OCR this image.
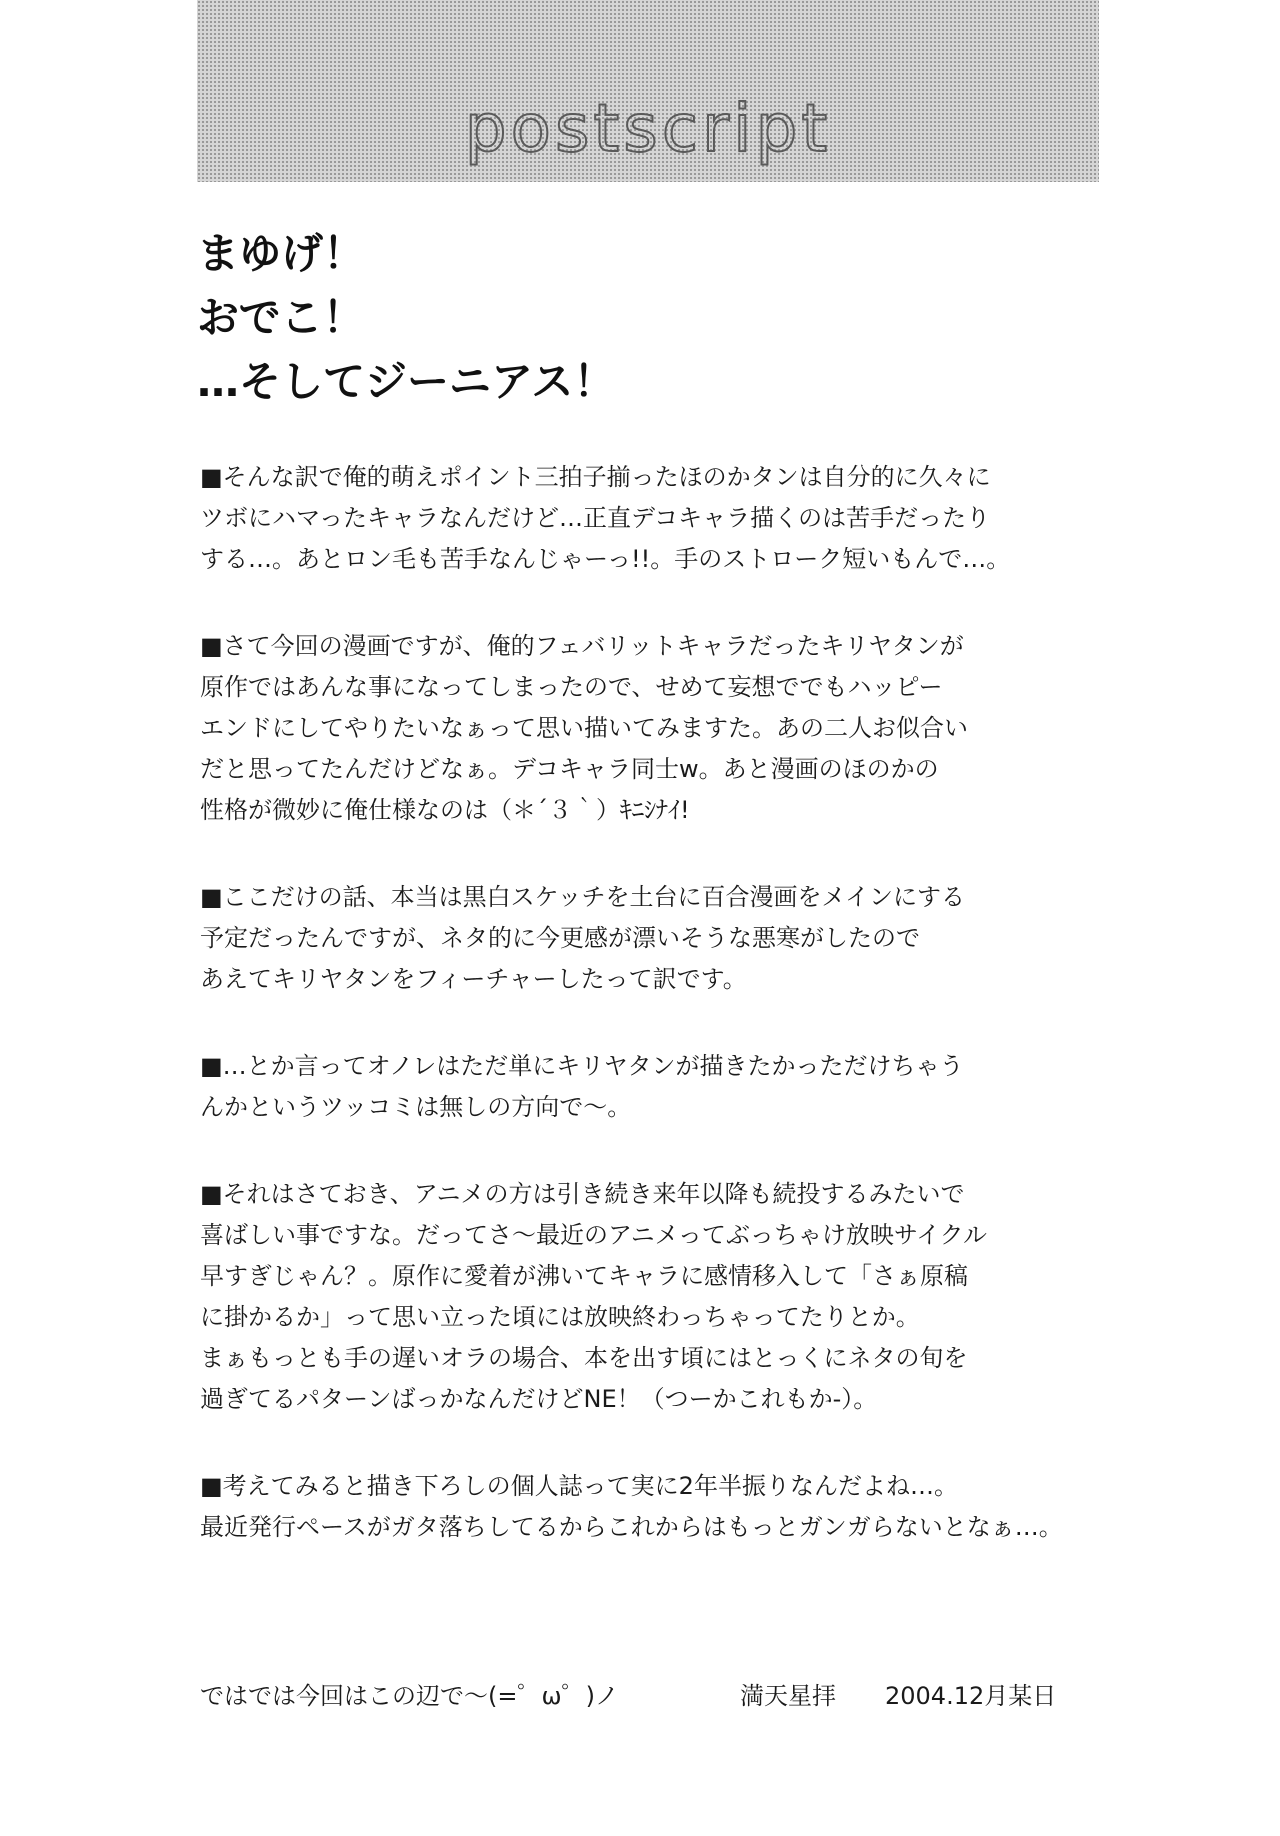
postscript
まゆげ！
おでこ！
…そしてジーニアス！
■そんな訳で俺的萌えポイント三拍子揃ったほのかタンは自分的に久々に
ツボにハマったキャラなんだけど…正直デコキャラ描くのは苦手だったり
する…。あとロン毛も苦手なんじゃーっ!!。手のストローク短いもんで…。
■さて今回の漫画ですが、俺的フェバリットキャラだったキリヤタンが
原作ではあんな事になってしまったので、せめて妄想ででもハッピー
エンドにしてやりたいなぁって思い描いてみますた。あの二人お似合い
だと思ってたんだけどなぁ。デコキャラ同士w。あと漫画のほのかの
性格が微妙に俺仕様なのは（＊´３｀）ｷﾆｼﾅｲ!
■ここだけの話、本当は黒白スケッチを土台に百合漫画をメインにする
予定だったんですが、ネタ的に今更感が漂いそうな悪寒がしたので
あえてキリヤタンをフィーチャーしたって訳です。
■…とか言ってオノレはただ単にキリヤタンが描きたかっただけちゃう
んかというツッコミは無しの方向で～。
■それはさておき、アニメの方は引き続き来年以降も続投するみたいで
喜ばしい事ですな。だってさ～最近のアニメってぶっちゃけ放映サイクル
早すぎじゃん？。原作に愛着が沸いてキャラに感情移入して「さぁ原稿
に掛かるか」って思い立った頃には放映終わっちゃってたりとか。
まぁもっとも手の遅いオラの場合、本を出す頃にはとっくにネタの旬を
過ぎてるパターンばっかなんだけどNE！（つーかこれもか-）。
■考えてみると描き下ろしの個人誌って実に2年半振りなんだよね…。
最近発行ペースがガタ落ちしてるからこれからはもっとガンガらないとなぁ…。
ではでは今回はこの辺で～(=゜ω゜)ノ	満天星拝 2004.12月某日
